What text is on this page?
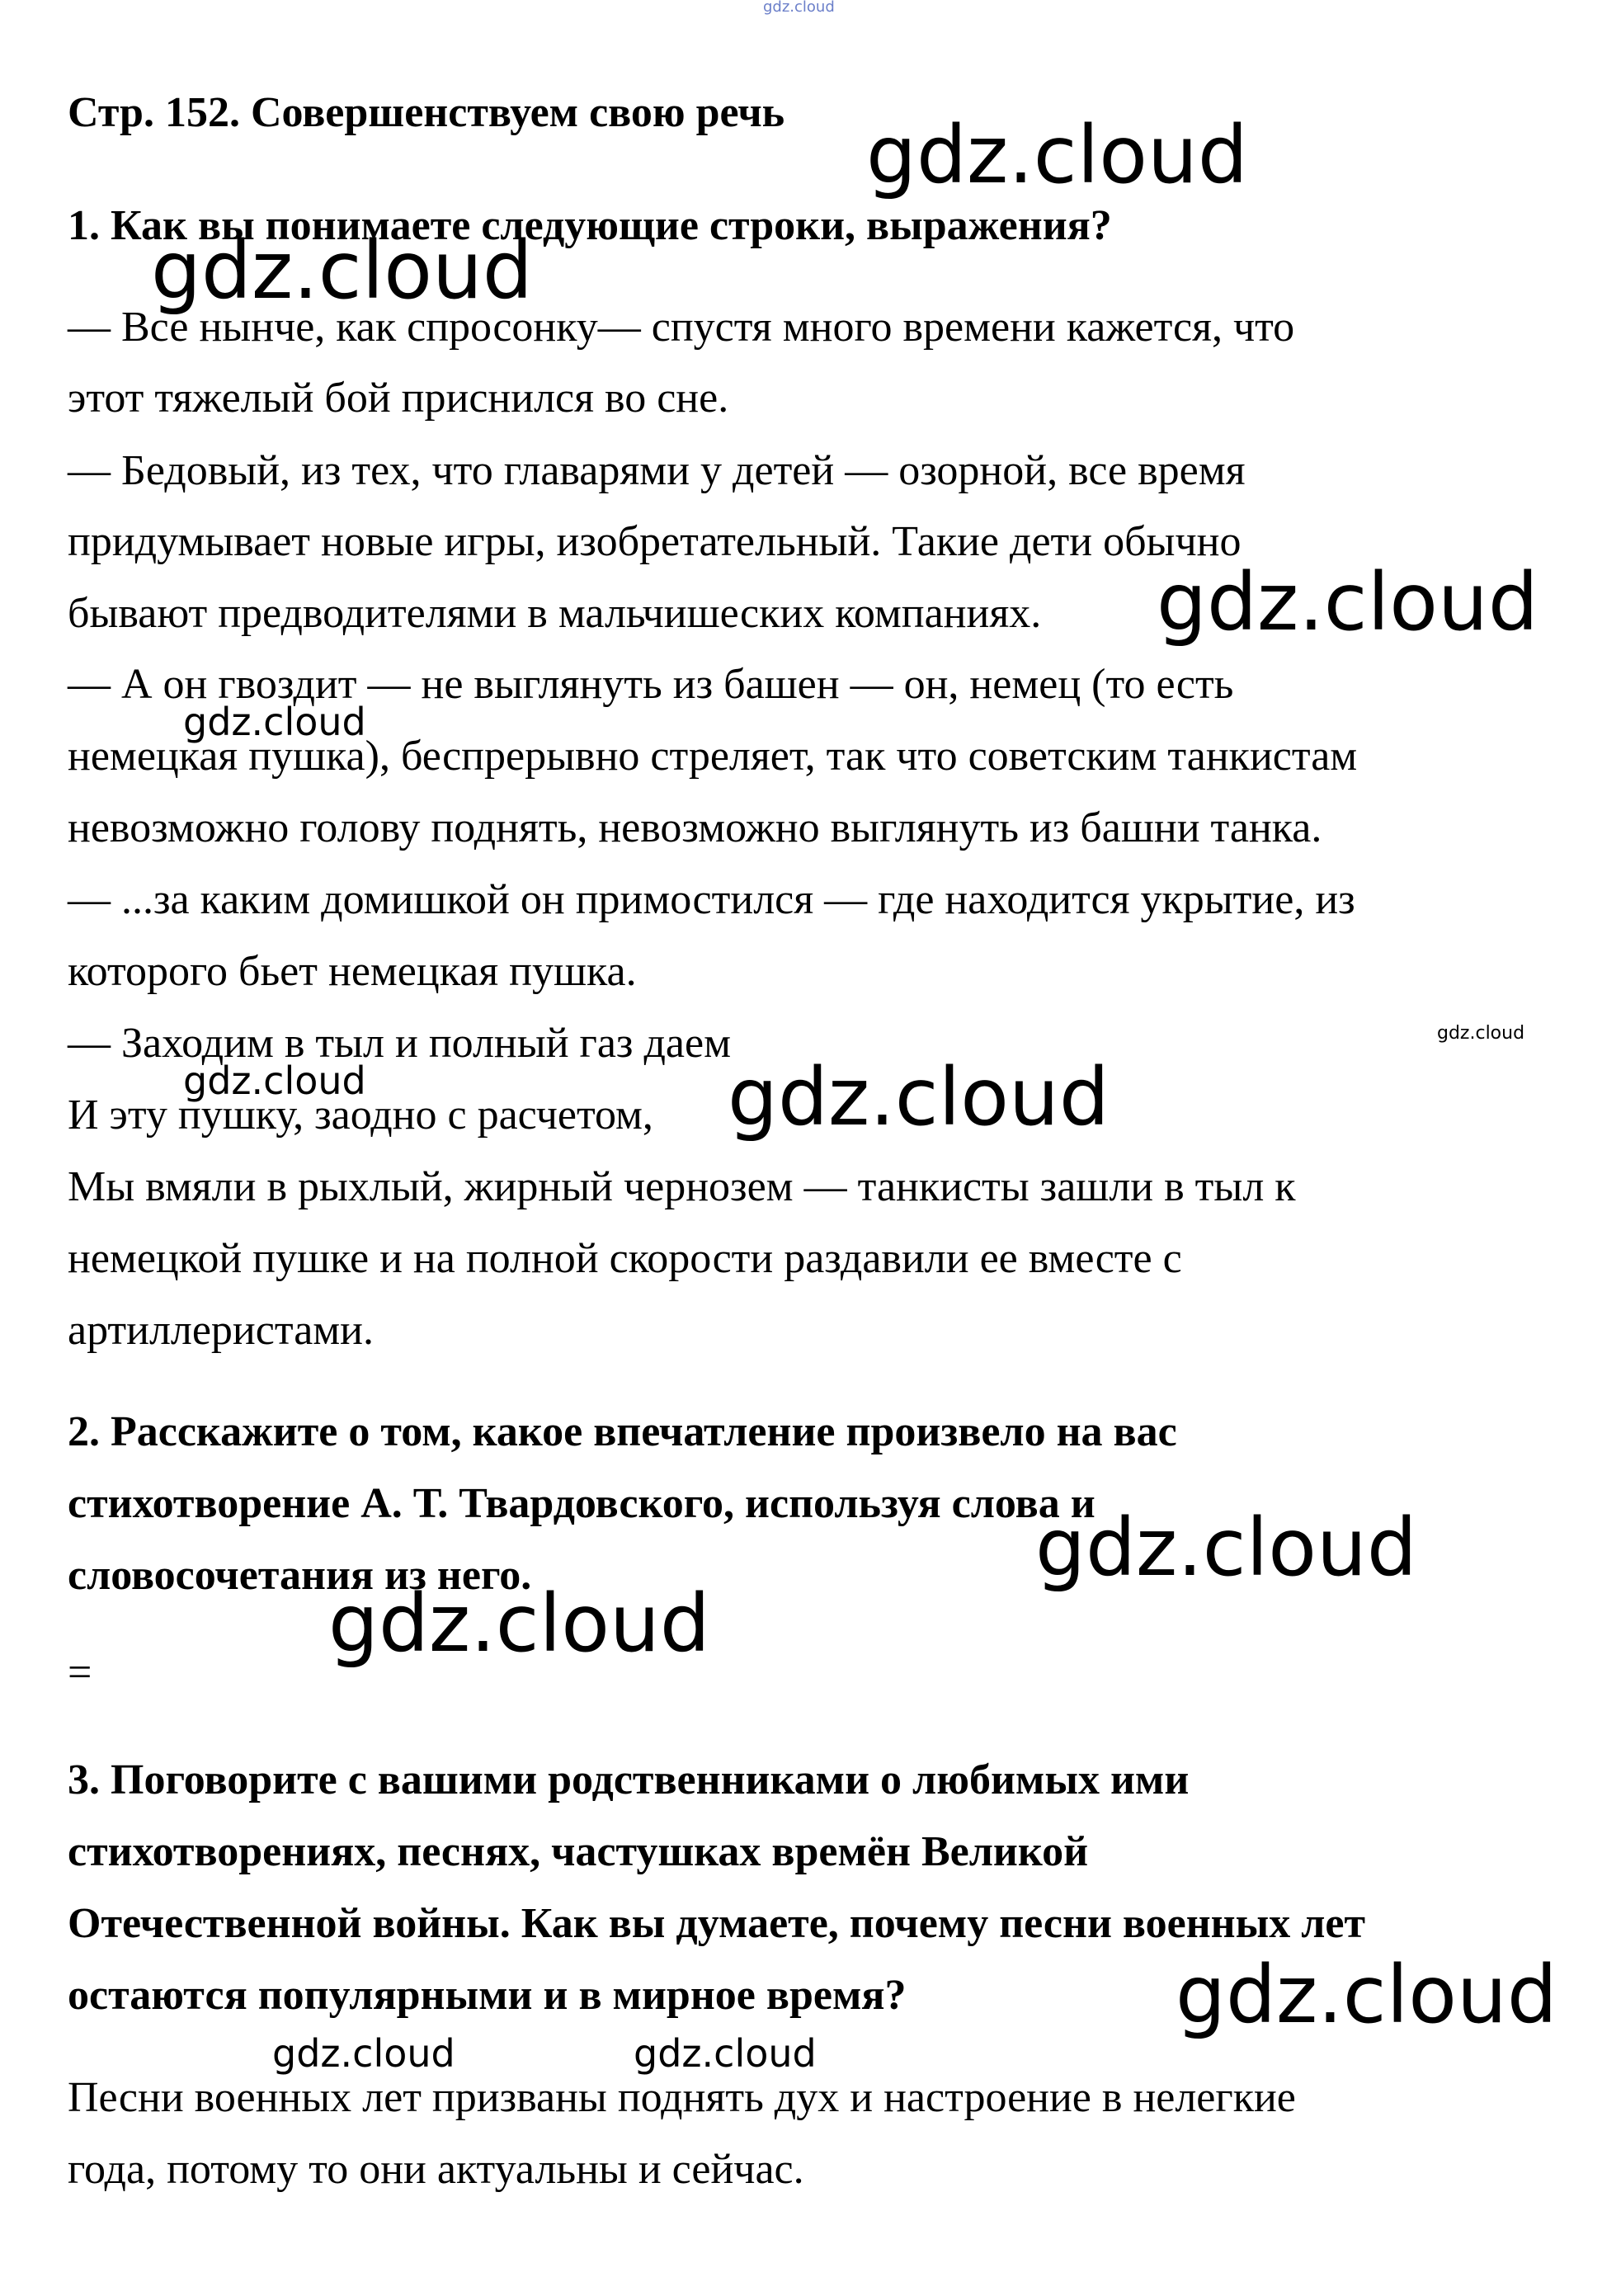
gdz.cloud
Стр. 152. Совершенствуем свою речь
1. Как вы понимаете следующие строки, выражения?
— Все нынче, как спросонку— спустя много времени кажется, что
этот тяжелый бой приснился во сне.
— Бедовый, из тех, что главарями у детей — озорной, все время
придумывает новые игры, изобретательный. Такие дети обычно
бывают предводителями в мальчишеских компаниях.
— А он гвоздит — не выглянуть из башен — он, немец (то есть
немецкая пушка), беспрерывно стреляет, так что советским танкистам
невозможно голову поднять, невозможно выглянуть из башни танка.
— ...за каким домишкой он примостился — где находится укрытие, из
которого бьет немецкая пушка.
— Заходим в тыл и полный газ даем
И эту пушку, заодно с расчетом,
Мы вмяли в рыхлый, жирный чернозем — танкисты зашли в тыл к
немецкой пушке и на полной скорости раздавили ее вместе с
артиллеристами.
2. Расскажите о том, какое впечатление произвело на вас
стихотворение А. Т. Твардовского, используя слова и
словосочетания из него.
=
3. Поговорите с вашими родственниками о любимых ими
стихотворениях, песнях, частушках времён Великой
Отечественной войны. Как вы думаете, почему песни военных лет
остаются популярными и в мирное время?
Песни военных лет призваны поднять дух и настроение в нелегкие
года, потому то они актуальны и сейчас.
gdz.cloud
gdz.cloud
gdz.cloud
gdz.cloud
gdz.cloud
gdz.cloud	gdz.cloud
gdz.cloud
gdz.cloud
gdz.cloud
gdz.cloud	gdz.cloud
